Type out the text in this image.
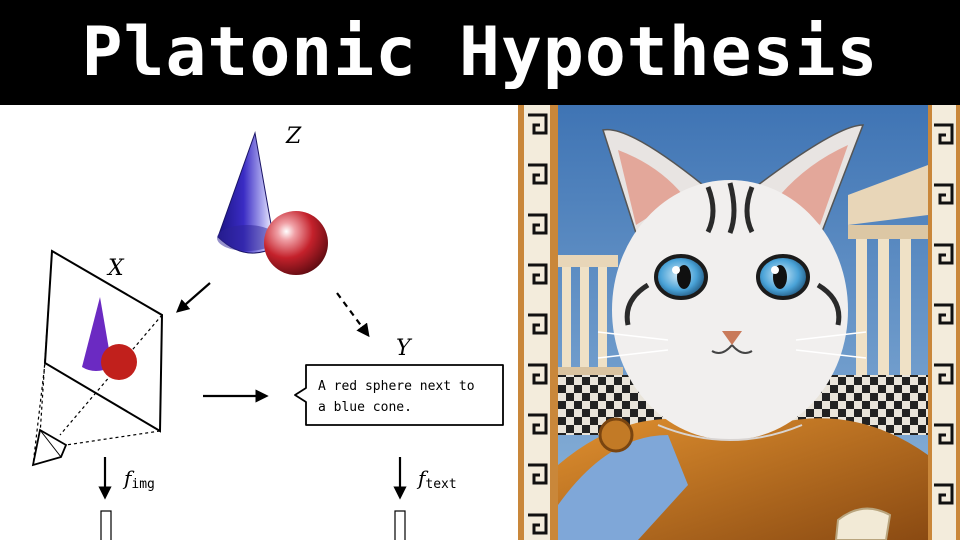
Platonic Hypothesis
Z
X
A red sphere next to
a blue cone.
Y
fimg	ftext
